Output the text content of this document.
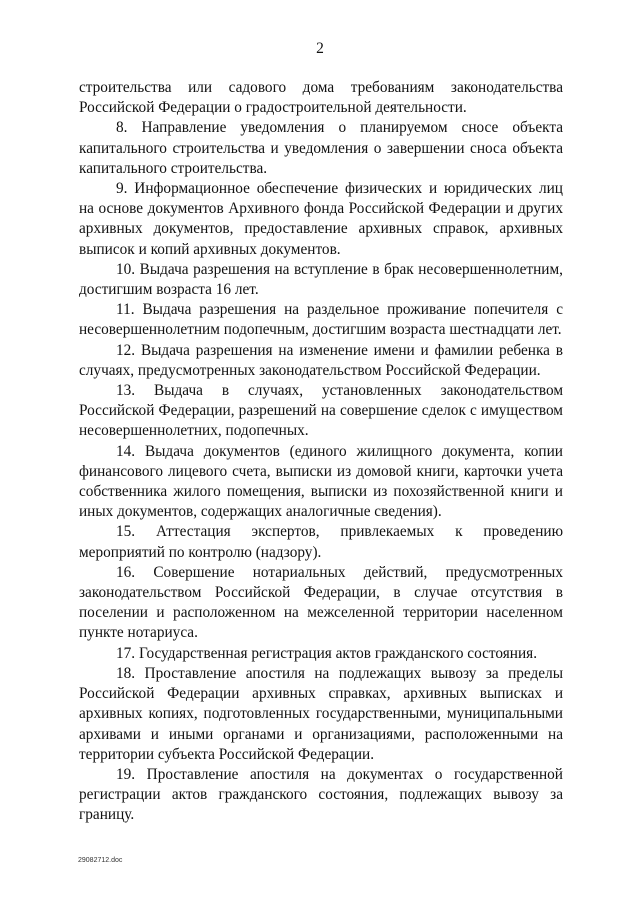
2

строительства или садового дома требованиям законодательства Российской Федерации о градостроительной деятельности.

8. Направление уведомления о планируемом сносе объекта капитального строительства и уведомления о завершении сноса объекта капитального строительства.

9. Информационное обеспечение физических и юридических лиц на основе документов Архивного фонда Российской Федерации и других архивных документов, предоставление архивных справок, архивных выписок и копий архивных документов.

10. Выдача разрешения на вступление в брак несовершеннолетним, достигшим возраста 16 лет.

11. Выдача разрешения на раздельное проживание попечителя с несовершеннолетним подопечным, достигшим возраста шестнадцати лет.

12. Выдача разрешения на изменение имени и фамилии ребенка в случаях, предусмотренных законодательством Российской Федерации.

13. Выдача в случаях, установленных законодательством Российской Федерации, разрешений на совершение сделок с имуществом несовершеннолетних, подопечных.

14. Выдача документов (единого жилищного документа, копии финансового лицевого счета, выписки из домовой книги, карточки учета собственника жилого помещения, выписки из похозяйственной книги и иных документов, содержащих аналогичные сведения).

15. Аттестация экспертов, привлекаемых к проведению мероприятий по контролю (надзору).

16. Совершение нотариальных действий, предусмотренных законодательством Российской Федерации, в случае отсутствия в поселении и расположенном на межселенной территории населенном пункте нотариуса.

17. Государственная регистрация актов гражданского состояния.

18. Проставление апостиля на подлежащих вывозу за пределы Российской Федерации архивных справках, архивных выписках и архивных копиях, подготовленных государственными, муниципальными архивами и иными органами и организациями, расположенными на территории субъекта Российской Федерации.

19. Проставление апостиля на документах о государственной регистрации актов гражданского состояния, подлежащих вывозу за границу.

29082712.doc
